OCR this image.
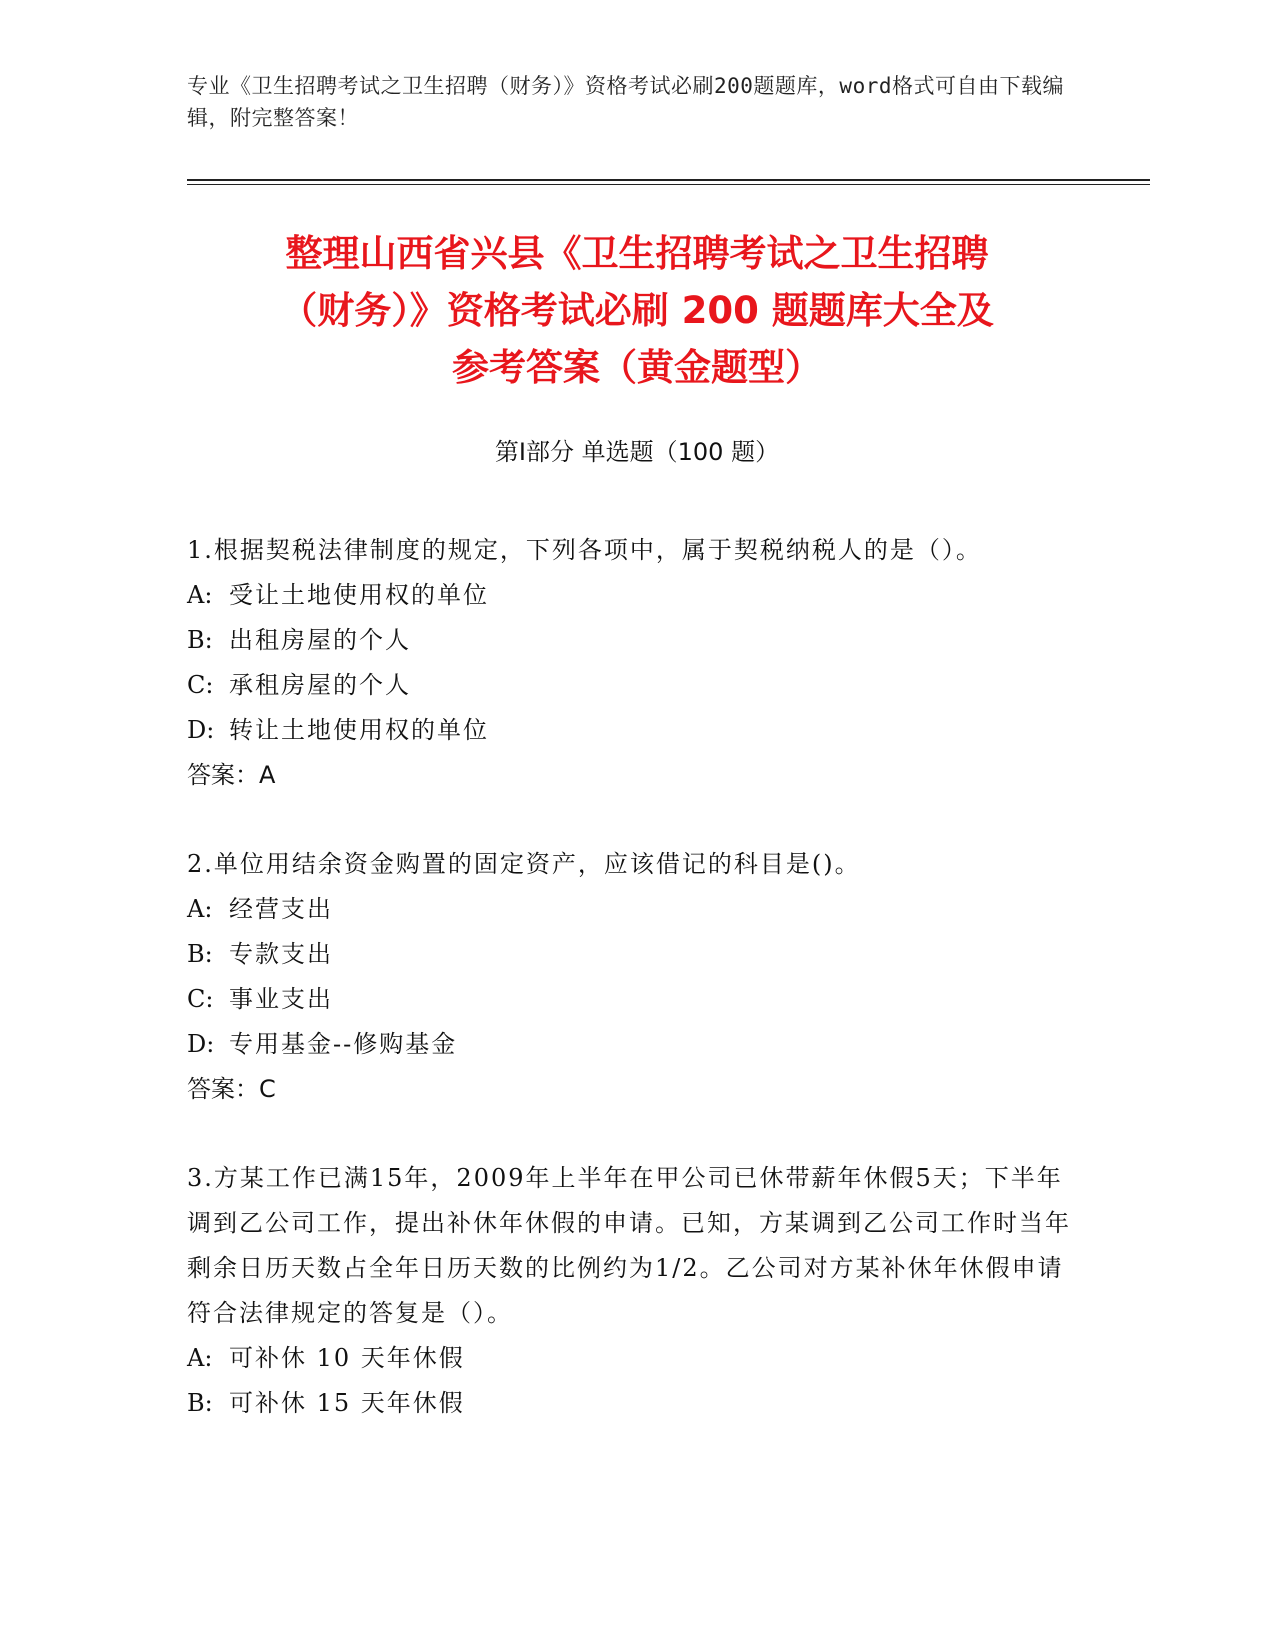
专业《卫生招聘考试之卫生招聘（财务）》资格考试必刷200题题库，word格式可自由下载编辑，附完整答案！
整理山西省兴县《卫生招聘考试之卫生招聘
（财务）》资格考试必刷 200 题题库大全及
参考答案（黄金题型）
第Ⅰ部分 单选题（100 题）

1.根据契税法律制度的规定，下列各项中，属于契税纳税人的是（）。

A: 受让土地使用权的单位

B: 出租房屋的个人

C: 承租房屋的个人

D: 转让土地使用权的单位

答案：A

2.单位用结余资金购置的固定资产，应该借记的科目是()。

A: 经营支出

B: 专款支出

C: 事业支出

D: 专用基金--修购基金

答案：C

3.方某工作已满15年，2009年上半年在甲公司已休带薪年休假5天；下半年调到乙公司工作，提出补休年休假的申请。已知，方某调到乙公司工作时当年剩余日历天数占全年日历天数的比例约为1/2。乙公司对方某补休年休假申请符合法律规定的答复是（）。

A: 可补休 10 天年休假

B: 可补休 15 天年休假
